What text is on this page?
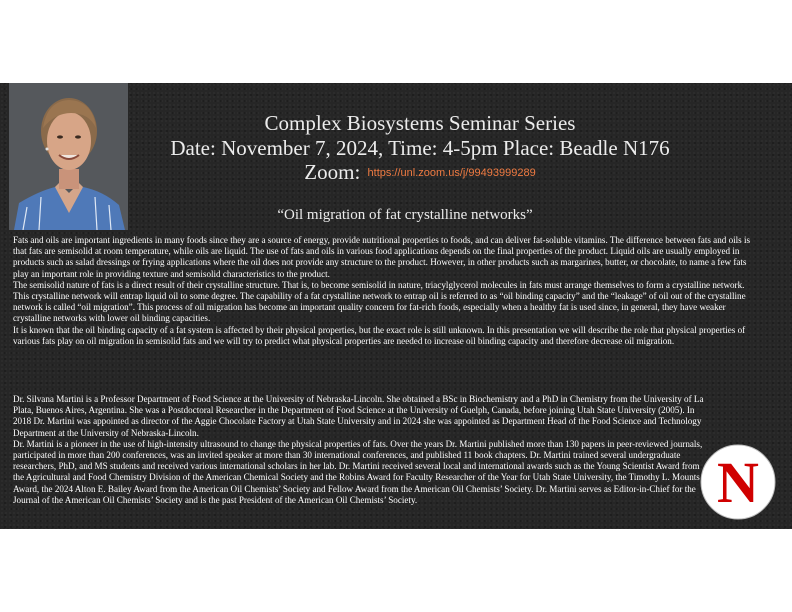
Complex Biosystems Seminar Series
Date: November 7, 2024, Time: 4-5pm Place: Beadle N176
Zoom: https://unl.zoom.us/j/99493999289
“Oil migration of fat crystalline networks”

Fats and oils are important ingredients in many foods since they are a source of energy, provide nutritional properties to foods, and can deliver fat-soluble vitamins. The difference between fats and oils is that fats are semisolid at room temperature, while oils are liquid. The use of fats and oils in various food applications depends on the final properties of the product. Liquid oils are usually employed in products such as salad dressings or frying applications where the oil does not provide any structure to the product. However, in other products such as margarines, butter, or chocolate, to name a few fats play an important role in providing texture and semisolid characteristics to the product.

The semisolid nature of fats is a direct result of their crystalline structure. That is, to become semisolid in nature, triacylglycerol molecules in fats must arrange themselves to form a crystalline network. This crystalline network will entrap liquid oil to some degree. The capability of a fat crystalline network to entrap oil is referred to as “oil binding capacity” and the “leakage” of oil out of the crystalline network is called “oil migration”. This process of oil migration has become an important quality concern for fat-rich foods, especially when a healthy fat is used since, in general, they have weaker crystalline networks with lower oil binding capacities.

It is known that the oil binding capacity of a fat system is affected by their physical properties, but the exact role is still unknown. In this presentation we will describe the role that physical properties of various fats play on oil migration in semisolid fats and we will try to predict what physical properties are needed to increase oil binding capacity and therefore decrease oil migration.

Dr. Silvana Martini is a Professor Department of Food Science at the University of Nebraska-Lincoln. She obtained a BSc in Biochemistry and a PhD in Chemistry from the University of La Plata, Buenos Aires, Argentina. She was a Postdoctoral Researcher in the Department of Food Science at the University of Guelph, Canada, before joining Utah State University (2005). In 2018 Dr. Martini was appointed as director of the Aggie Chocolate Factory at Utah State University and in 2024 she was appointed as Department Head of the Food Science and Technology Department at the University of Nebraska-Lincoln.

Dr. Martini is a pioneer in the use of high-intensity ultrasound to change the physical properties of fats. Over the years Dr. Martini published more than 130 papers in peer-reviewed journals, participated in more than 200 conferences, was an invited speaker at more than 30 international conferences, and published 11 book chapters. Dr. Martini trained several undergraduate researchers, PhD, and MS students and received various international scholars in her lab. Dr. Martini received several local and international awards such as the Young Scientist Award from the Agricultural and Food Chemistry Division of the American Chemical Society and the Robins Award for Faculty Researcher of the Year for Utah State University, the Timothy L. Mounts Award, the 2024 Alton E. Bailey Award from the American Oil Chemists’ Society and Fellow Award from the American Oil Chemists’ Society. Dr. Martini serves as Editor-in-Chief for the Journal of the American Oil Chemists’ Society and is the past President of the American Oil Chemists’ Society.	N
